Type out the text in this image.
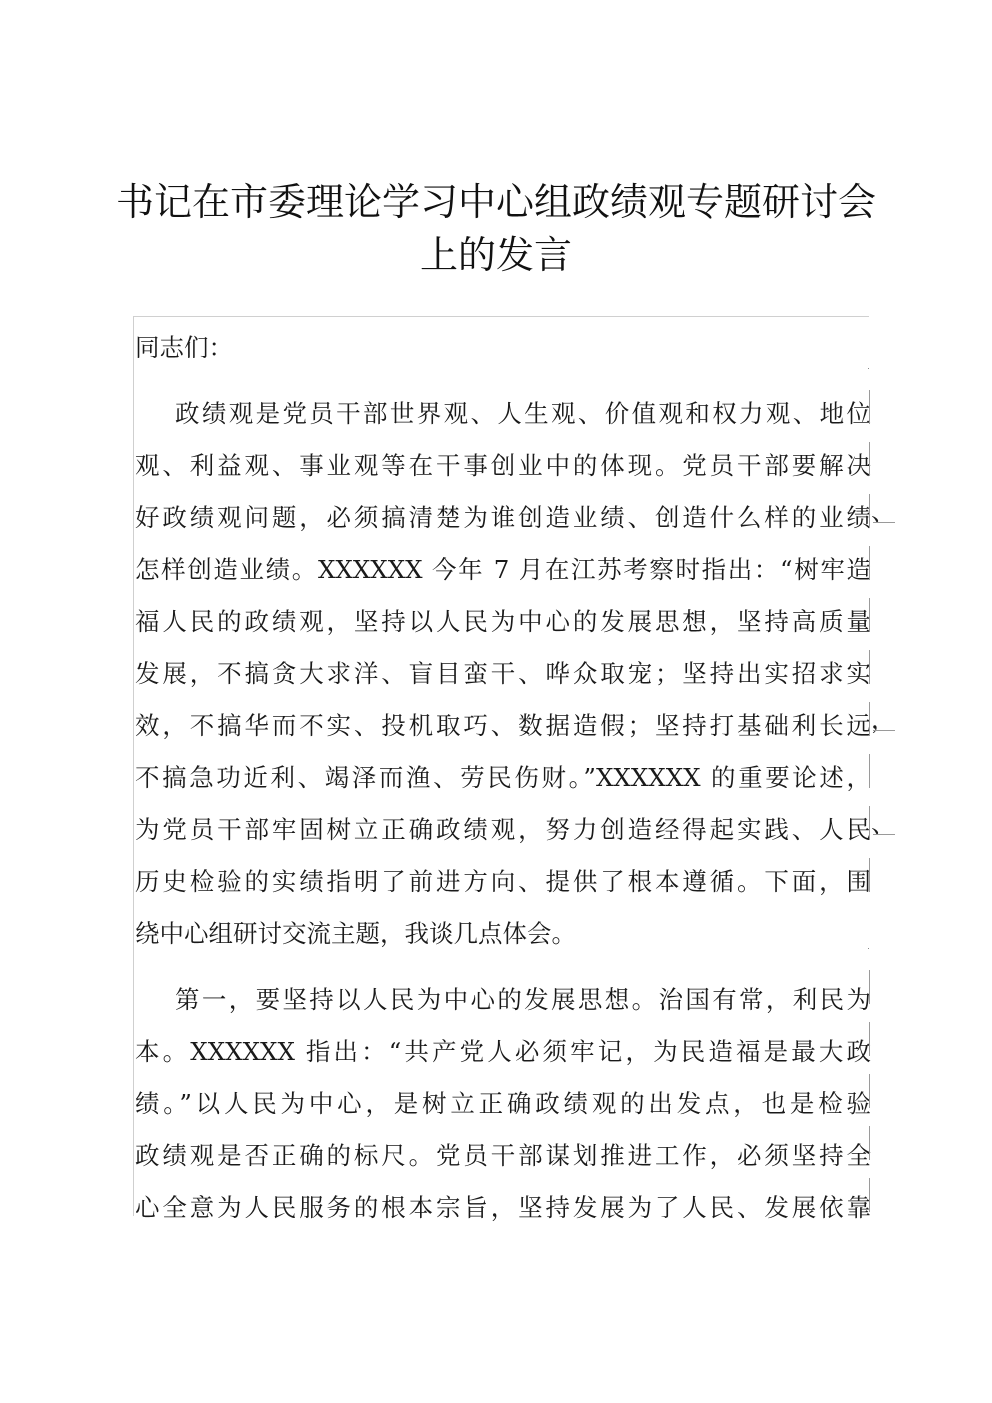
书记在市委理论学习中心组政绩观专题研讨会
上的发言
同志们：
政绩观是党员干部世界观、人生观、价值观和权力观、地位
观、利益观、事业观等在干事创业中的体现。党员干部要解决
好政绩观问题，必须搞清楚为谁创造业绩、创造什么样的业绩
怎样创造业绩。XXXXXX 今年 7 月在江苏考察时指出：“树牢造
福人民的政绩观，坚持以人民为中心的发展思想，坚持高质量
发展，不搞贪大求洋、盲目蛮干、哗众取宠；坚持出实招求实
效，不搞华而不实、投机取巧、数据造假；坚持打基础利长远
不搞急功近利、竭泽而渔、劳民伤财。”XXXXXX 的重要论述，
为党员干部牢固树立正确政绩观，努力创造经得起实践、人民
历史检验的实绩指明了前进方向、提供了根本遵循。下面，围
绕中心组研讨交流主题，我谈几点体会。
第一，要坚持以人民为中心的发展思想。治国有常，利民为
本。XXXXXX 指出：“共产党人必须牢记，为民造福是最大政
绩。”以人民为中心，是树立正确政绩观的出发点，也是检验
政绩观是否正确的标尺。党员干部谋划推进工作，必须坚持全
心全意为人民服务的根本宗旨，坚持发展为了人民、发展依靠
、
，
、
